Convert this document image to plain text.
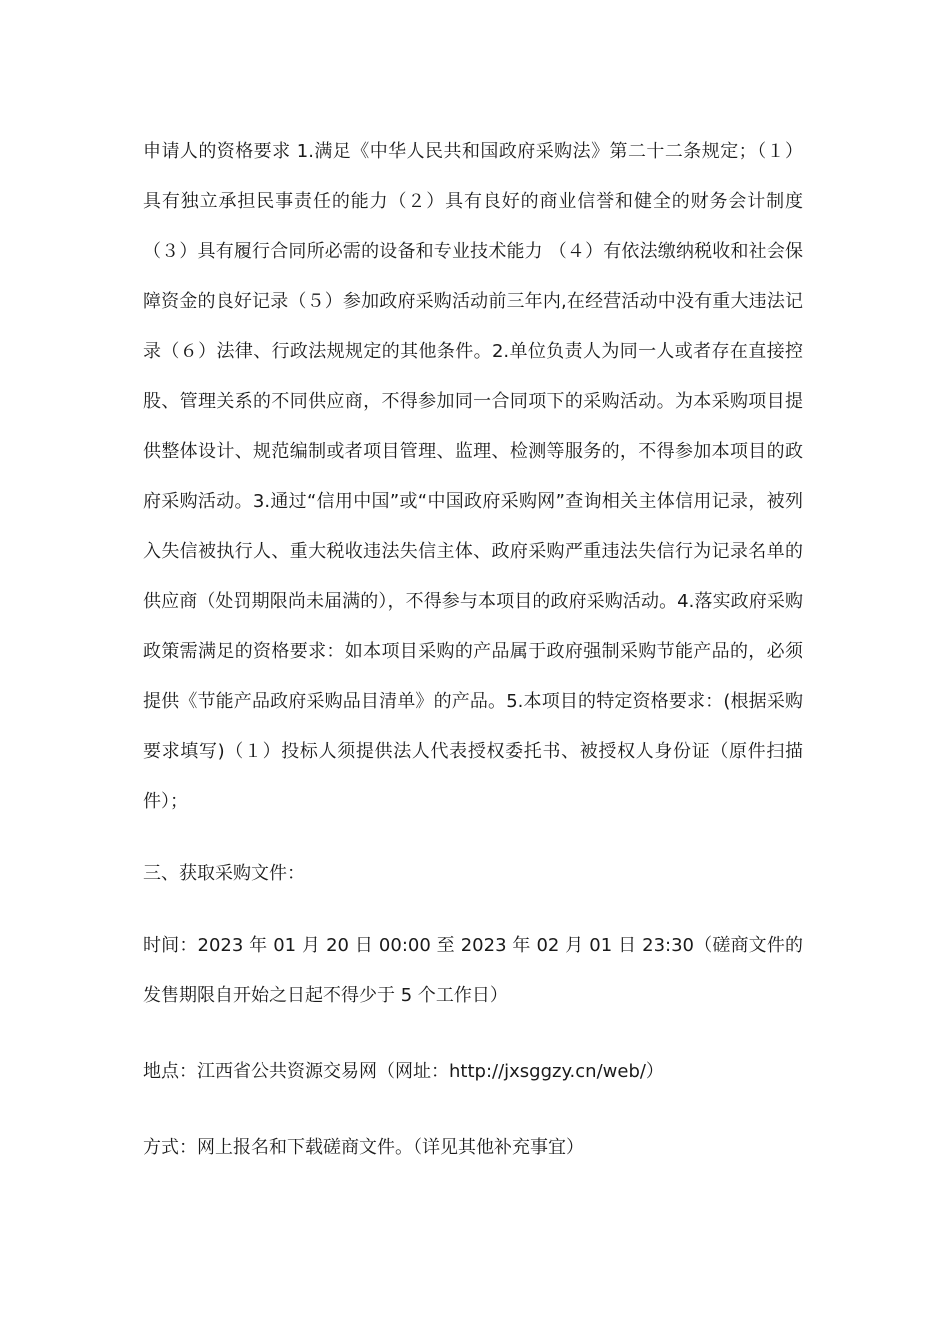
申请人的资格要求 1.满足《中华人民共和国政府采购法》第二十二条规定；（１）具有独立承担民事责任的能力（２）具有良好的商业信誉和健全的财务会计制度 （３）具有履行合同所必需的设备和专业技术能力 （４）有依法缴纳税收和社会保障资金的良好记录（５）参加政府采购活动前三年内,在经营活动中没有重大违法记录（６）法律、行政法规规定的其他条件。2.单位负责人为同一人或者存在直接控股、管理关系的不同供应商，不得参加同一合同项下的采购活动。为本采购项目提供整体设计、规范编制或者项目管理、监理、检测等服务的，不得参加本项目的政府采购活动。3.通过“信用中国”或“中国政府采购网”查询相关主体信用记录，被列入失信被执行人、重大税收违法失信主体、政府采购严重违法失信行为记录名单的供应商（处罚期限尚未届满的），不得参与本项目的政府采购活动。4.落实政府采购政策需满足的资格要求：如本项目采购的产品属于政府强制采购节能产品的，必须提供《节能产品政府采购品目清单》的产品。5.本项目的特定资格要求：(根据采购要求填写)（１）投标人须提供法人代表授权委托书、被授权人身份证（原件扫描件）；

三、获取采购文件：

时间：2023 年 01 月 20 日 00:00 至 2023 年 02 月 01 日 23:30（磋商文件的发售期限自开始之日起不得少于 5 个工作日）

地点：江西省公共资源交易网（网址：http://jxsggzy.cn/web/）

方式：网上报名和下载磋商文件。（详见其他补充事宜）
